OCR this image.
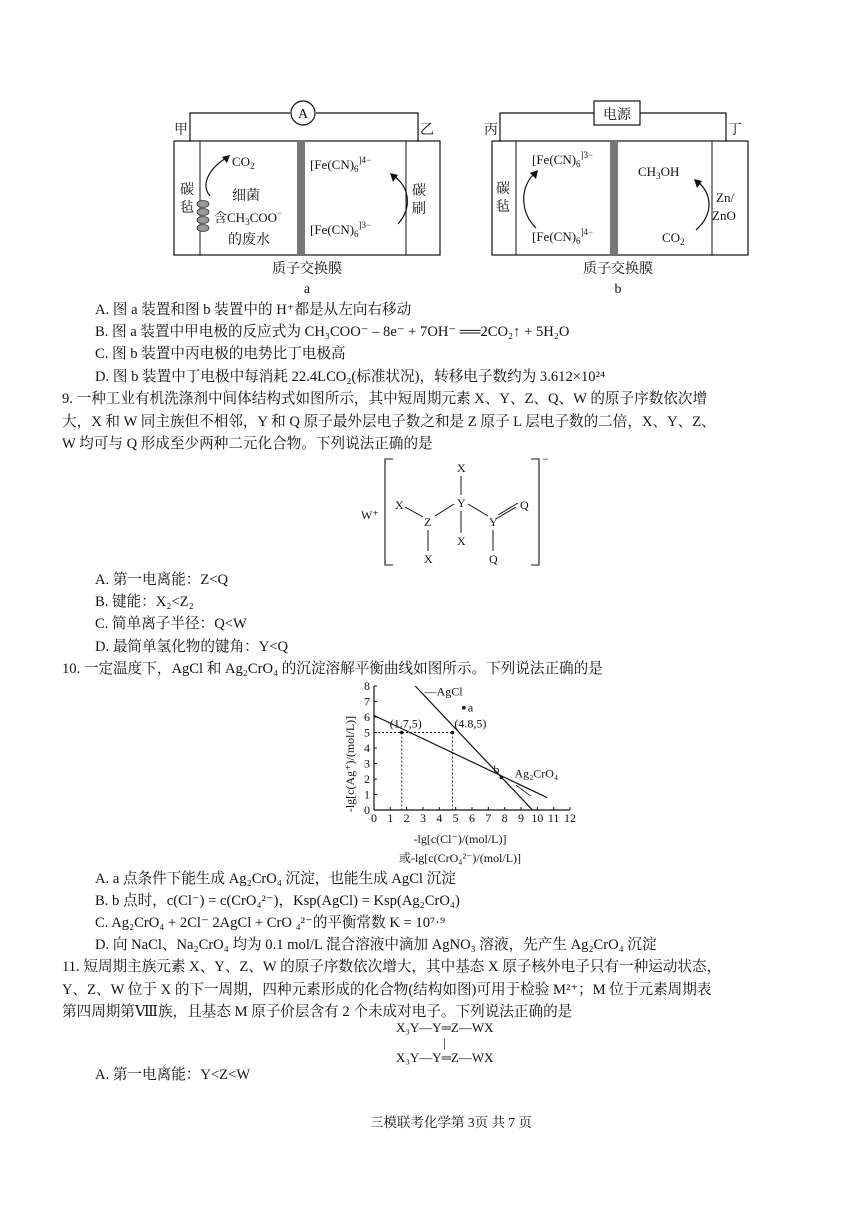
A
甲	乙
碳
毡
碳
刷
$CO_2$
细菌
含$CH_3COO^-$
的废水
[$Fe(CN)_6^{]4-}$
[$Fe(CN)_6^{]3-}$
质子交换膜
a
电源
丙	丁
碳
毡
[$Fe(CN)_6^{]3-}$
[$Fe(CN)_6^{]4-}$
$CH_3OH$
$CO_2$
Zn/
ZnO
质子交换膜
b
A. 图 a 装置和图 b 装置中的 H⁺都是从左向右移动
B. 图 a 装置中甲电极的反应式为 CH₃COO⁻ – 8e⁻ + 7OH⁻ ══2CO₂↑ + 5H₂O
C. 图 b 装置中丙电极的电势比丁电极高
D. 图 b 装置中丁电极中每消耗 22.4LCO₂(标准状况)，转移电子数约为 3.612×10²⁴
9. 一种工业有机洗涤剂中间体结构式如图所示，其中短周期元素 X、Y、Z、Q、W 的原子序数依次增
大，X 和 W 同主族但不相邻，Y 和 Q 原子最外层电子数之和是 Z 原子 L 层电子数的二倍，X、Y、Z、
W 均可与 Q 形成至少两种二元化合物。下列说法正确的是
W⁺
−
X
Y
X
X
Z
X
Y
Q
Q
X
A. 第一电离能：Z<Q
B. 键能：X₂<Z₂
C. 简单离子半径：Q<W
D. 最简单氢化物的键角：Y<Q
10. 一定温度下，AgCl 和 Ag₂CrO₄ 的沉淀溶解平衡曲线如图所示。下列说法正确的是
0 1 2 3 4 5 6 7 8 9 10 11 12
0
1
2
3
4
5
6
7
8
a
b
(1.7,5)	(4.8,5)
—AgCl
Ag₂CrO₄
-lg[c(Ag⁺)/(mol/L)]
-lg[c(Cl⁻)/(mol/L)]
或-lg[c(CrO₄²⁻)/(mol/L)]
A. a 点条件下能生成 Ag₂CrO₄ 沉淀，也能生成 AgCl 沉淀
B. b 点时，c(Cl⁻) = c(CrO₄²⁻)，Ksp(AgCl) = Ksp(Ag₂CrO₄)
C. Ag₂CrO₄ + 2Cl⁻ 2AgCl + CrO ₄²⁻的平衡常数 K = 10⁷·⁹
D. 向 NaCl、Na₂CrO₄ 均为 0.1 mol/L 混合溶液中滴加 AgNO₃ 溶液，先产生 Ag₂CrO₄ 沉淀
11. 短周期主族元素 X、Y、Z、W 的原子序数依次增大，其中基态 X 原子核外电子只有一种运动状态，
Y、Z、W 位于 X 的下一周期，四种元素形成的化合物(结构如图)可用于检验 M²⁺；M 位于元素周期表
第四周期第Ⅷ族，且基态 M 原子价层含有 2 个未成对电子。下列说法正确的是
X₃Y—Y═Z—WX
|
X₃Y—Y═Z—WX
A. 第一电离能：Y<Z<W
三模联考化学第 3页 共 7 页
